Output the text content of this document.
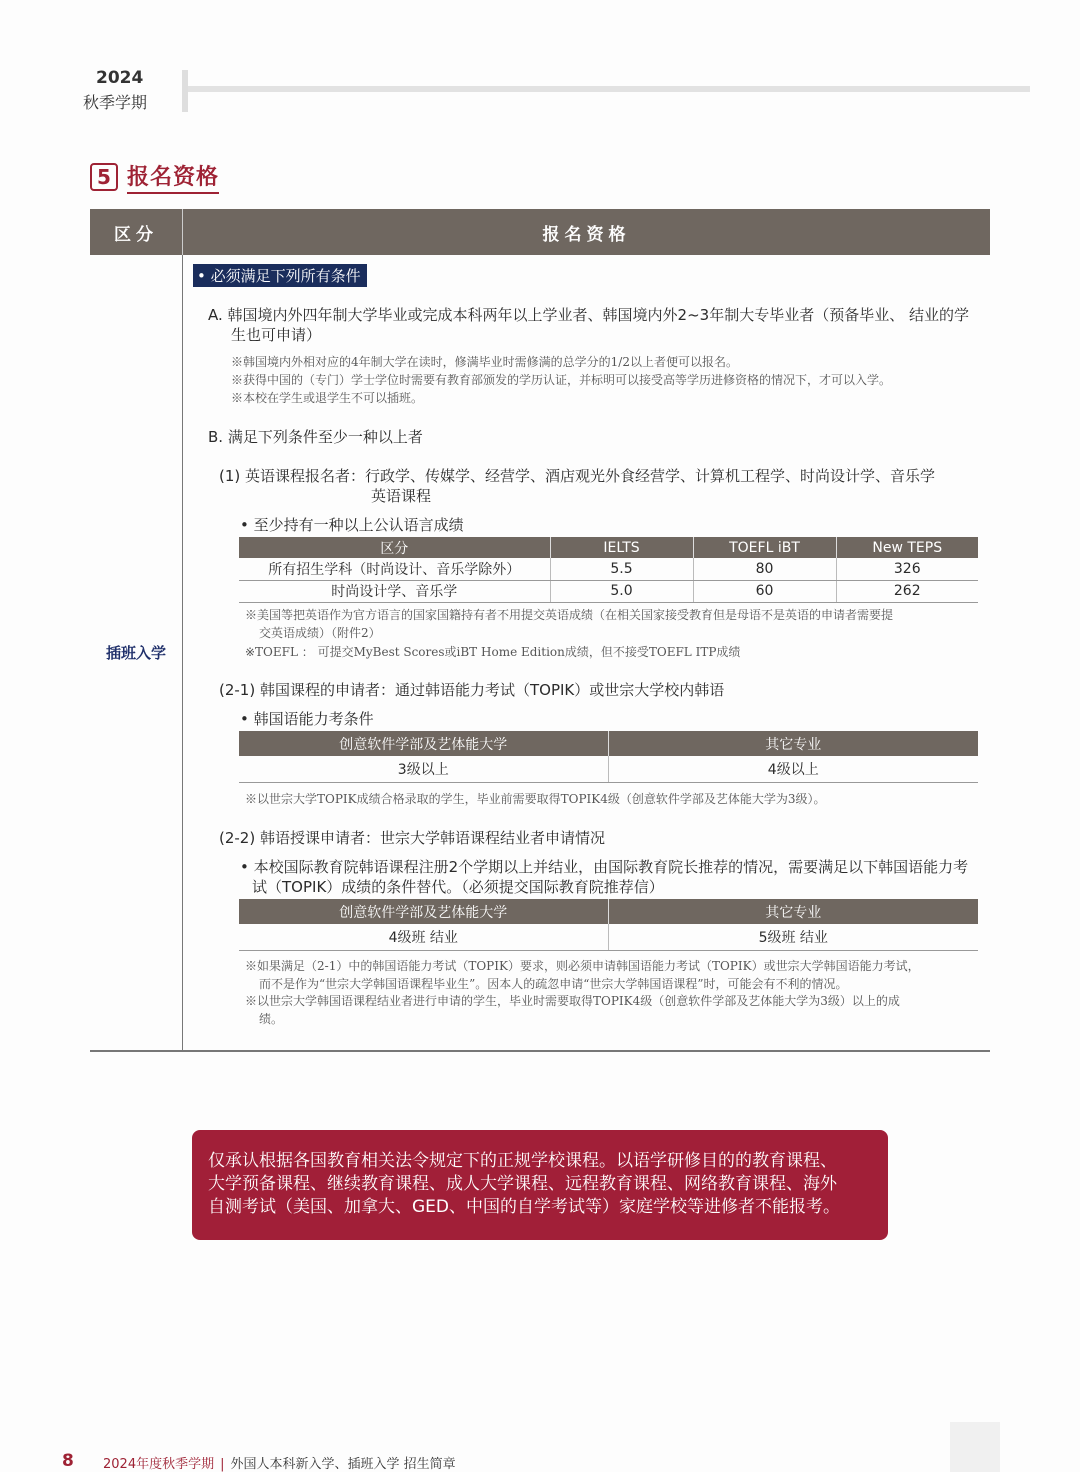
2024
秋季学期
5 报名资格
区分	报名资格
插班入学
• 必须满足下列所有条件
A. 韩国境内外四年制大学毕业或完成本科两年以上学业者、韩国境内外2~3年制大专毕业者（预备毕业、 结业的学
生也可申请）
※韩国境内外相对应的4年制大学在读时，修满毕业时需修满的总学分的1/2以上者便可以报名。
※获得中国的（专门）学士学位时需要有教育部颁发的学历认证，并标明可以接受高等学历进修资格的情况下，才可以入学。
※本校在学生或退学生不可以插班。
B. 满足下列条件至少一种以上者
(1) 英语课程报名者：行政学、传媒学、经营学、酒店观光外食经营学、计算机工程学、时尚设计学、音乐学
英语课程
• 至少持有一种以上公认语言成绩
区分	IELTS	TOEFL iBT	New TEPS
所有招生学科（时尚设计、音乐学除外）	5.5	80	326
时尚设计学、音乐学	5.0	60	262
※美国等把英语作为官方语言的国家国籍持有者不用提交英语成绩（在相关国家接受教育但是母语不是英语的申请者需要提
交英语成绩）（附件2）
※TOEFL ： 可提交MyBest Scores或iBT Home Edition成绩，但不接受TOEFL ITP成绩
(2-1) 韩国课程的申请者：通过韩语能力考试（TOPIK）或世宗大学校内韩语
• 韩国语能力考条件
创意软件学部及艺体能大学	其它专业
3级以上	4级以上
※以世宗大学TOPIK成绩合格录取的学生，毕业前需要取得TOPIK4级（创意软件学部及艺体能大学为3级）。
(2-2) 韩语授课申请者：世宗大学韩语课程结业者申请情况
• 本校国际教育院韩语课程注册2个学期以上并结业，由国际教育院长推荐的情况，需要满足以下韩国语能力考
试（TOPIK）成绩的条件替代。（必须提交国际教育院推荐信）
创意软件学部及艺体能大学	其它专业
4级班 结业	5级班 结业
※如果满足（2-1）中的韩国语能力考试（TOPIK）要求，则必须申请韩国语能力考试（TOPIK）或世宗大学韩国语能力考试，
而不是作为“世宗大学韩国语课程毕业生”。因本人的疏忽申请“世宗大学韩国语课程”时，可能会有不利的情况。
※以世宗大学韩国语课程结业者进行申请的学生，毕业时需要取得TOPIK4级（创意软件学部及艺体能大学为3级）以上的成
绩。
仅承认根据各国教育相关法令规定下的正规学校课程。以语学研修目的的教育课程、
大学预备课程、继续教育课程、成人大学课程、远程教育课程、网络教育课程、海外
自测考试（美国、加拿大、GED、中国的自学考试等）家庭学校等进修者不能报考。
8 2024年度秋季学期 | 外国人本科新入学、插班入学 招生简章
